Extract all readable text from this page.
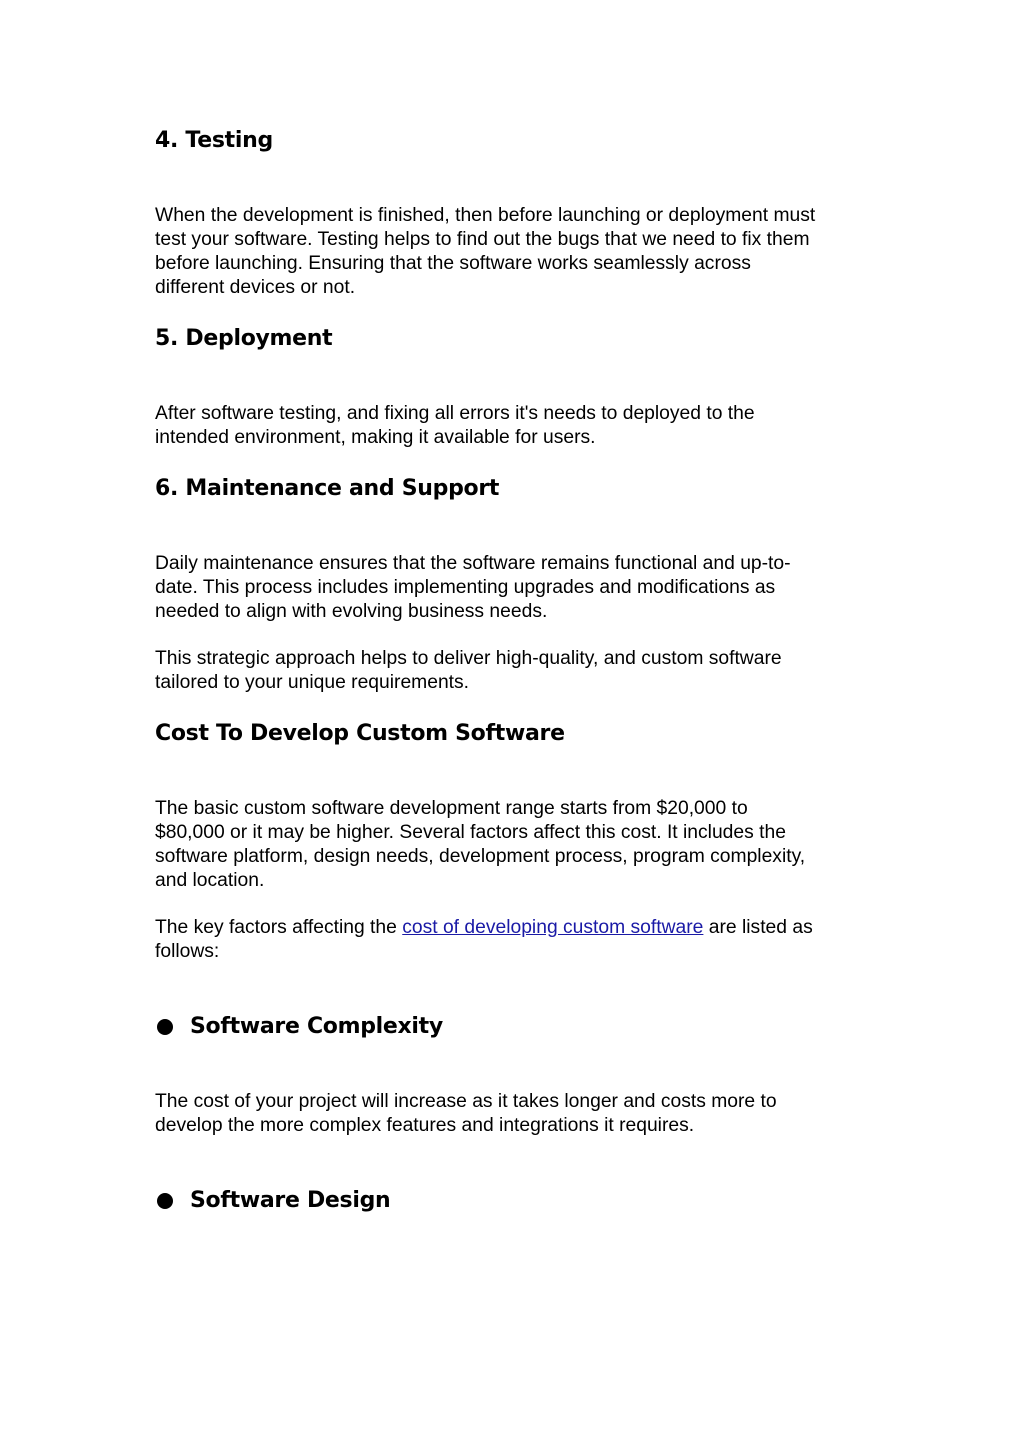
4. Testing

When the development is finished, then before launching or deployment must
test your software. Testing helps to find out the bugs that we need to fix them
before launching. Ensuring that the software works seamlessly across
different devices or not.

5. Deployment

After software testing, and fixing all errors it's needs to deployed to the
intended environment, making it available for users.

6. Maintenance and Support

Daily maintenance ensures that the software remains functional and up-to-
date. This process includes implementing upgrades and modifications as
needed to align with evolving business needs.

This strategic approach helps to deliver high-quality, and custom software
tailored to your unique requirements.

Cost To Develop Custom Software

The basic custom software development range starts from $20,000 to
$80,000 or it may be higher. Several factors affect this cost. It includes the
software platform, design needs, development process, program complexity,
and location.

The key factors affecting the cost of developing custom software are listed as
follows:

Software Complexity

The cost of your project will increase as it takes longer and costs more to
develop the more complex features and integrations it requires.

Software Design
